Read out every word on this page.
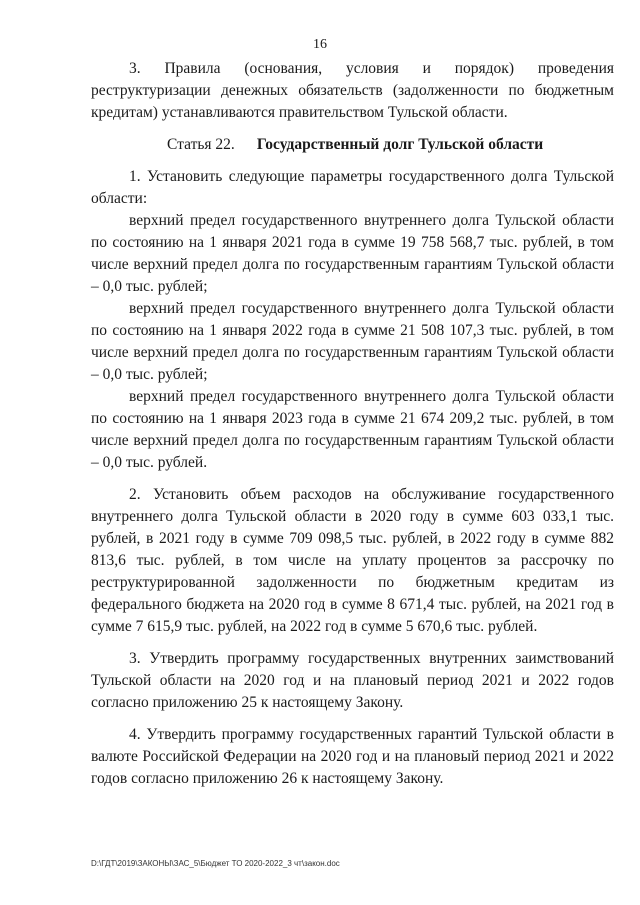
16

3. Правила (основания, условия и порядок) проведения реструктуризации денежных обязательств (задолженности по бюджетным кредитам) устанавливаются правительством Тульской области.

Статья 22. Государственный долг Тульской области

1. Установить следующие параметры государственного долга Тульской области:

верхний предел государственного внутреннего долга Тульской области по состоянию на 1 января 2021 года в сумме 19 758 568,7 тыс. рублей, в том числе верхний предел долга по государственным гарантиям Тульской области – 0,0 тыс. рублей;

верхний предел государственного внутреннего долга Тульской области по состоянию на 1 января 2022 года в сумме 21 508 107,3 тыс. рублей, в том числе верхний предел долга по государственным гарантиям Тульской области – 0,0 тыс. рублей;

верхний предел государственного внутреннего долга Тульской области по состоянию на 1 января 2023 года в сумме 21 674 209,2 тыс. рублей, в том числе верхний предел долга по государственным гарантиям Тульской области – 0,0 тыс. рублей.

2. Установить объем расходов на обслуживание государственного внутреннего долга Тульской области в 2020 году в сумме 603 033,1 тыс. рублей, в 2021 году в сумме 709 098,5 тыс. рублей, в 2022 году в сумме 882 813,6 тыс. рублей, в том числе на уплату процентов за рассрочку по реструктурированной задолженности по бюджетным кредитам из федерального бюджета на 2020 год в сумме 8 671,4 тыс. рублей, на 2021 год в сумме 7 615,9 тыс. рублей, на 2022 год в сумме 5 670,6 тыс. рублей.

3. Утвердить программу государственных внутренних заимствований Тульской области на 2020 год и на плановый период 2021 и 2022 годов согласно приложению 25 к настоящему Закону.

4. Утвердить программу государственных гарантий Тульской области в валюте Российской Федерации на 2020 год и на плановый период 2021 и 2022 годов согласно приложению 26 к настоящему Закону.

D:\ГДТ\2019\ЗАКОНЫ\ЗАС_5\Бюджет ТО 2020-2022_3 чт\закон.doc
